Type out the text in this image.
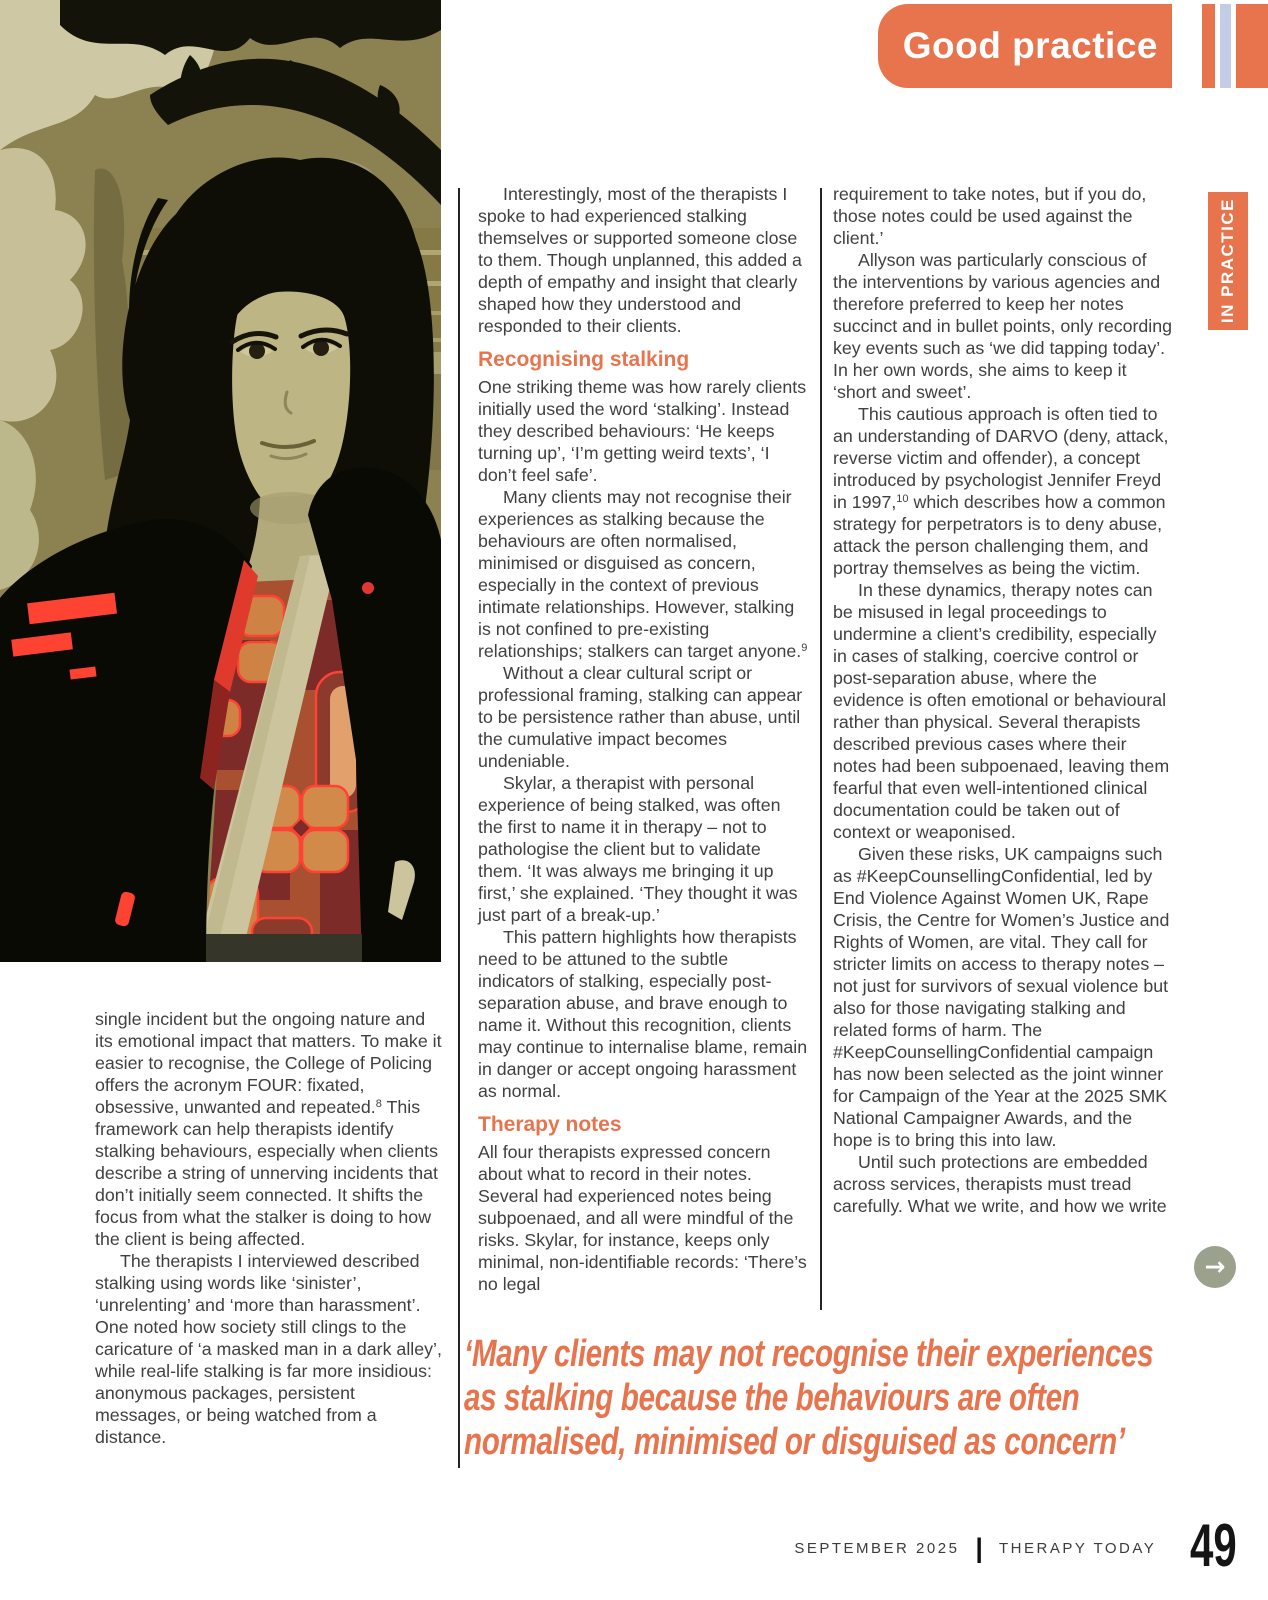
Good practice
IN PRACTICE

single incident but the ongoing nature and its emotional impact that matters. To make it easier to recognise, the College of Policing offers the acronym FOUR: fixated, obsessive, unwanted and repeated.$^8$ This framework can help therapists identify stalking behaviours, especially when clients describe a string of unnerving incidents that don’t initially seem connected. It shifts the focus from what the stalker is doing to how the client is being affected.

The therapists I interviewed described stalking using words like ‘sinister’, ‘unrelenting’ and ‘more than harassment’. One noted how society still clings to the caricature of ‘a masked man in a dark alley’, while real-life stalking is far more insidious: anonymous packages, persistent messages, or being watched from a distance.

Interestingly, most of the therapists I spoke to had experienced stalking themselves or supported someone close to them. Though unplanned, this added a depth of empathy and insight that clearly shaped how they understood and responded to their clients.

Recognising stalking

One striking theme was how rarely clients initially used the word ‘stalking’. Instead they described behaviours: ‘He keeps turning up’, ‘I’m getting weird texts’, ‘I don’t feel safe’.

Many clients may not recognise their experiences as stalking because the behaviours are often normalised, minimised or disguised as concern, especially in the context of previous intimate relationships. However, stalking is not confined to pre-existing relationships; stalkers can target anyone.$^9$

Without a clear cultural script or professional framing, stalking can appear to be persistence rather than abuse, until the cumulative impact becomes undeniable.

Skylar, a therapist with personal experience of being stalked, was often the first to name it in therapy – not to pathologise the client but to validate them. ‘It was always me bringing it up first,’ she explained. ‘They thought it was just part of a break-up.’

This pattern highlights how therapists need to be attuned to the subtle indicators of stalking, especially post-separation abuse, and brave enough to name it. Without this recognition, clients may continue to internalise blame, remain in danger or accept ongoing harassment as normal.

Therapy notes

All four therapists expressed concern about what to record in their notes. Several had experienced notes being subpoenaed, and all were mindful of the risks. Skylar, for instance, keeps only minimal, non-identifiable records: ‘There’s no legal

requirement to take notes, but if you do, those notes could be used against the client.’

Allyson was particularly conscious of the interventions by various agencies and therefore preferred to keep her notes succinct and in bullet points, only recording key events such as ‘we did tapping today’. In her own words, she aims to keep it ‘short and sweet’.

This cautious approach is often tied to an understanding of DARVO (deny, attack, reverse victim and offender), a concept introduced by psychologist Jennifer Freyd in 1997,10 which describes how a common strategy for perpetrators is to deny abuse, attack the person challenging them, and portray themselves as being the victim.

In these dynamics, therapy notes can be misused in legal proceedings to undermine a client’s credibility, especially in cases of stalking, coercive control or post-separation abuse, where the evidence is often emotional or behavioural rather than physical. Several therapists described previous cases where their notes had been subpoenaed, leaving them fearful that even well-intentioned clinical documentation could be taken out of context or weaponised.

Given these risks, UK campaigns such as #KeepCounsellingConfidential, led by End Violence Against Women UK, Rape Crisis, the Centre for Women’s Justice and Rights of Women, are vital. They call for stricter limits on access to therapy notes – not just for survivors of sexual violence but also for those navigating stalking and related forms of harm. The #KeepCounsellingConfidential campaign has now been selected as the joint winner for Campaign of the Year at the 2025 SMK National Campaigner Awards, and the hope is to bring this into law.

Until such protections are embedded across services, therapists must tread carefully. What we write, and how we write

‘Many clients may not recognise their experiences as stalking because the behaviours are often normalised, minimised or disguised as concern’
→
SEPTEMBER 2025 |	THERAPY TODAY 49
